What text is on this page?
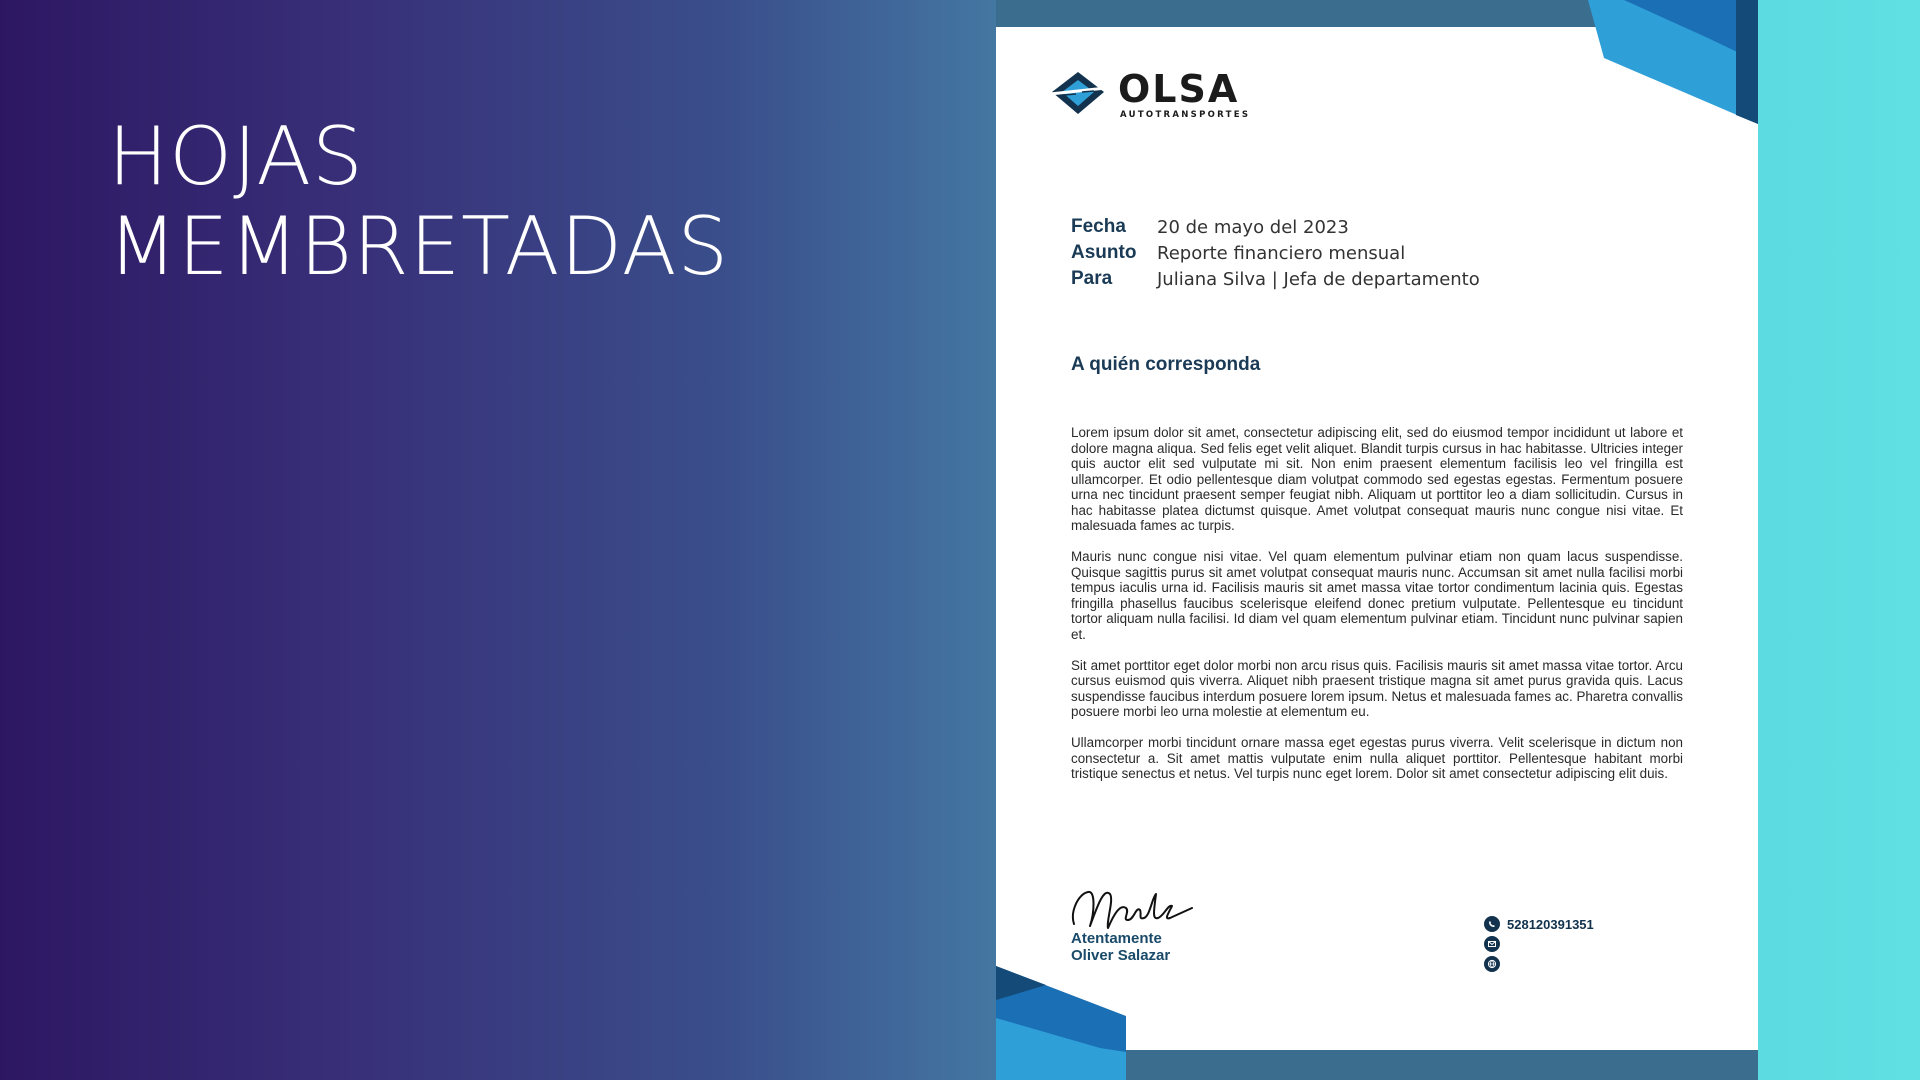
HOJAS
MEMBRETADAS
OLSA
AUTOTRANSPORTES
Fecha	20 de mayo del 2023
Asunto	Reporte financiero mensual
Para	Juliana Silva | Jefa de departamento
A quién corresponda

Lorem ipsum dolor sit amet, consectetur adipiscing elit, sed do eiusmod tempor incididunt ut labore et dolore magna aliqua. Sed felis eget velit aliquet. Blandit turpis cursus in hac habitasse. Ultricies integer quis auctor elit sed vulputate mi sit. Non enim praesent elementum facilisis leo vel fringilla est ullamcorper. Et odio pellentesque diam volutpat commodo sed egestas egestas. Fermentum posuere urna nec tincidunt praesent semper feugiat nibh. Aliquam ut porttitor leo a diam sollicitudin. Cursus in hac habitasse platea dictumst quisque. Amet volutpat consequat mauris nunc congue nisi vitae. Et malesuada fames ac turpis.

Mauris nunc congue nisi vitae. Vel quam elementum pulvinar etiam non quam lacus suspendisse. Quisque sagittis purus sit amet volutpat consequat mauris nunc. Accumsan sit amet nulla facilisi morbi tempus iaculis urna id. Facilisis mauris sit amet massa vitae tortor condimentum lacinia quis. Egestas fringilla phasellus faucibus scelerisque eleifend donec pretium vulputate. Pellentesque eu tincidunt tortor aliquam nulla facilisi. Id diam vel quam elementum pulvinar etiam. Tincidunt nunc pulvinar sapien et.

Sit amet porttitor eget dolor morbi non arcu risus quis. Facilisis mauris sit amet massa vitae tortor. Arcu cursus euismod quis viverra. Aliquet nibh praesent tristique magna sit amet purus gravida quis. Lacus suspendisse faucibus interdum posuere lorem ipsum. Netus et malesuada fames ac. Pharetra convallis posuere morbi leo urna molestie at elementum eu.

Ullamcorper morbi tincidunt ornare massa eget egestas purus viverra. Velit scelerisque in dictum non consectetur a. Sit amet mattis vulputate enim nulla aliquet porttitor. Pellentesque habitant morbi tristique senectus et netus. Vel turpis nunc eget lorem. Dolor sit amet consectetur adipiscing elit duis.

Atentamente
Oliver Salazar
528120391351
